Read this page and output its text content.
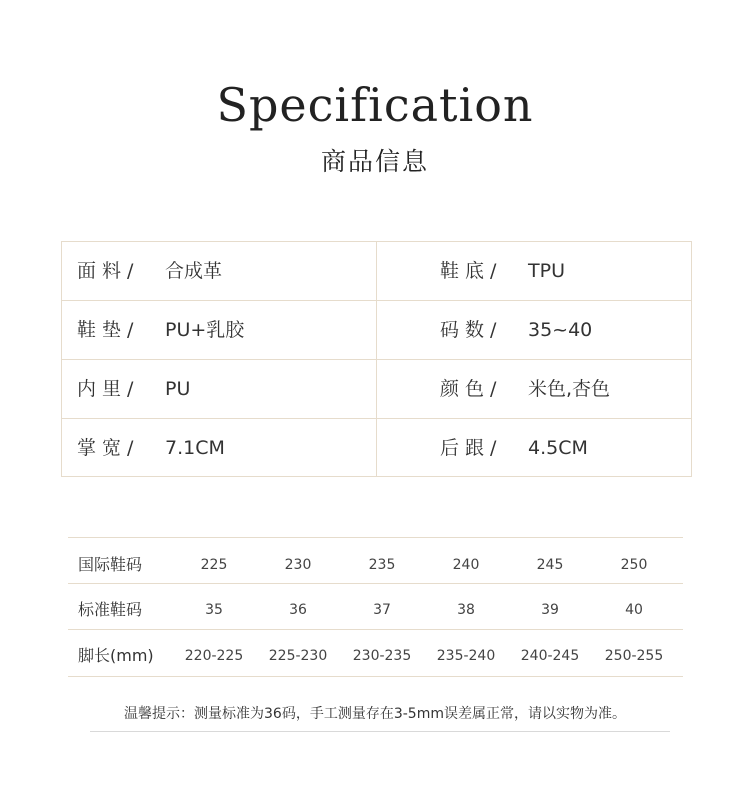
Specification
商品信息
面料/ 合成革	鞋底/ TPU
鞋垫/ PU+乳胶	码数/ 35~40
内里/ PU	颜色/ 米色,杏色
掌宽/ 7.1CM	后跟/ 4.5CM
国际鞋码	225	230	235	240	245	250
标准鞋码	35	36	37	38	39	40
脚长(mm)	220-225	225-230	230-235	235-240	240-245	250-255
温馨提示：测量标准为36码，手工测量存在3-5mm误差属正常，请以实物为准。
